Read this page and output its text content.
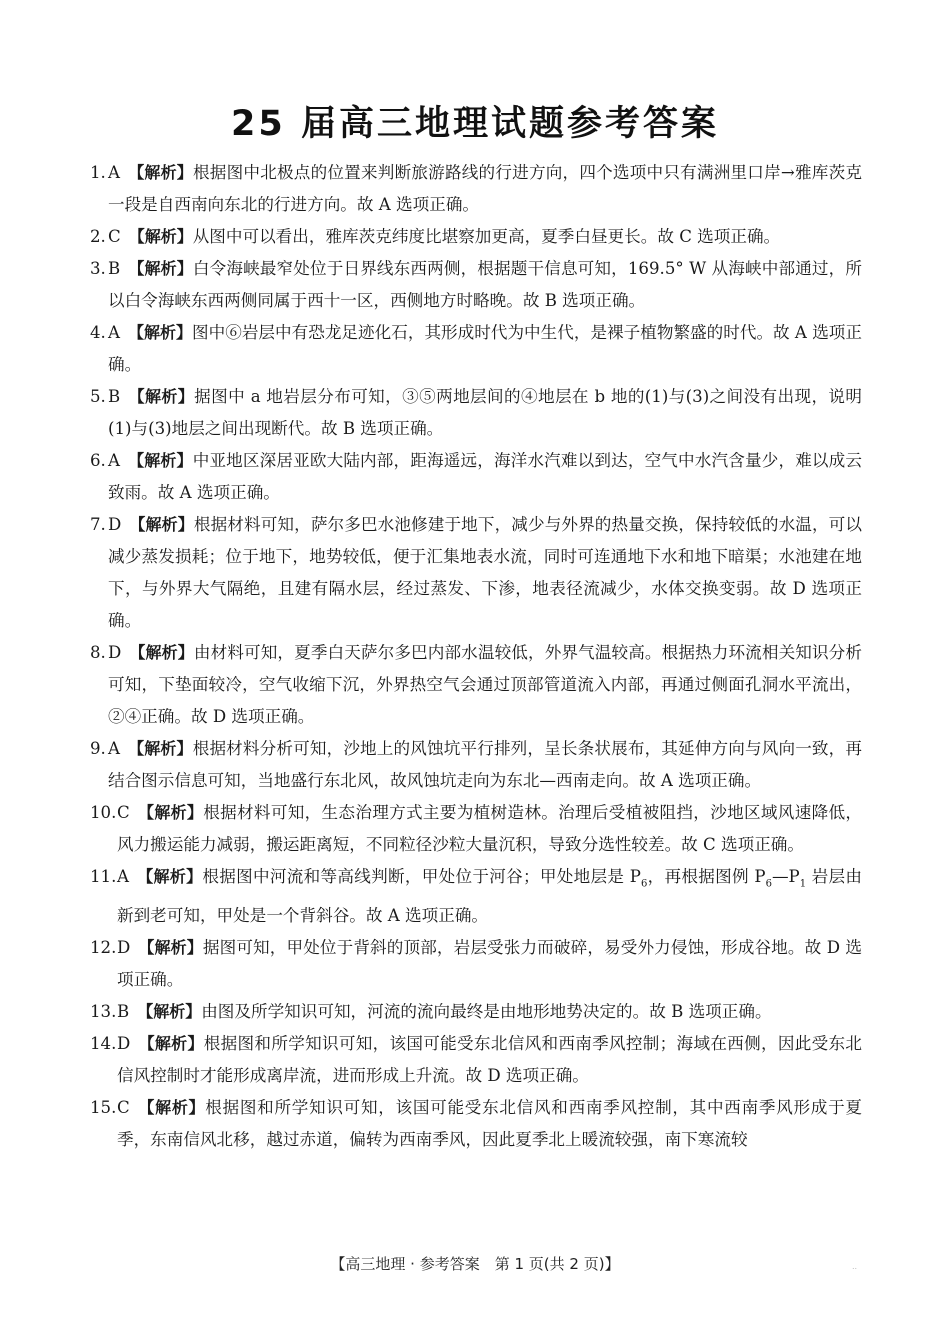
25 届高三地理试题参考答案
1. A 【解析】根据图中北极点的位置来判断旅游路线的行进方向，四个选项中只有满洲里口岸→雅库茨克一段是自西南向东北的行进方向。故 A 选项正确。

2. C 【解析】从图中可以看出，雅库茨克纬度比堪察加更高，夏季白昼更长。故 C 选项正确。

3. B 【解析】白令海峡最窄处位于日界线东西两侧，根据题干信息可知，169.5° W 从海峡中部通过，所以白令海峡东西两侧同属于西十一区，西侧地方时略晚。故 B 选项正确。

4. A 【解析】图中⑥岩层中有恐龙足迹化石，其形成时代为中生代，是裸子植物繁盛的时代。故 A 选项正确。

5. B 【解析】据图中 a 地岩层分布可知，③⑤两地层间的④地层在 b 地的(1)与(3)之间没有出现，说明(1)与(3)地层之间出现断代。故 B 选项正确。

6. A 【解析】中亚地区深居亚欧大陆内部，距海遥远，海洋水汽难以到达，空气中水汽含量少，难以成云致雨。故 A 选项正确。

7. D 【解析】根据材料可知，萨尔多巴水池修建于地下，减少与外界的热量交换，保持较低的水温，可以减少蒸发损耗；位于地下，地势较低，便于汇集地表水流，同时可连通地下水和地下暗渠；水池建在地下，与外界大气隔绝，且建有隔水层，经过蒸发、下渗，地表径流减少，水体交换变弱。故 D 选项正确。

8. D 【解析】由材料可知，夏季白天萨尔多巴内部水温较低，外界气温较高。根据热力环流相关知识分析可知，下垫面较冷，空气收缩下沉，外界热空气会通过顶部管道流入内部，再通过侧面孔洞水平流出，②④正确。故 D 选项正确。

9. A 【解析】根据材料分析可知，沙地上的风蚀坑平行排列，呈长条状展布，其延伸方向与风向一致，再结合图示信息可知，当地盛行东北风，故风蚀坑走向为东北—西南走向。故 A 选项正确。

10. C 【解析】根据材料可知，生态治理方式主要为植树造林。治理后受植被阻挡，沙地区域风速降低，风力搬运能力减弱，搬运距离短，不同粒径沙粒大量沉积，导致分选性较差。故 C 选项正确。

11. A 【解析】根据图中河流和等高线判断，甲处位于河谷；甲处地层是 $P_6$，再根据图例 $P_6—P_1$ 岩层由新到老可知，甲处是一个背斜谷。故 A 选项正确。

12. D 【解析】据图可知，甲处位于背斜的顶部，岩层受张力而破碎，易受外力侵蚀，形成谷地。故 D 选项正确。

13. B 【解析】由图及所学知识可知，河流的流向最终是由地形地势决定的。故 B 选项正确。

14. D 【解析】根据图和所学知识可知，该国可能受东北信风和西南季风控制；海域在西侧，因此受东北信风控制时才能形成离岸流，进而形成上升流。故 D 选项正确。

15. C 【解析】根据图和所学知识可知，该国可能受东北信风和西南季风控制，其中西南季风形成于夏季，东南信风北移，越过赤道，偏转为西南季风，因此夏季北上暖流较强，南下寒流较

【高三地理 · 参考答案　第 1 页(共 2 页)】	..
